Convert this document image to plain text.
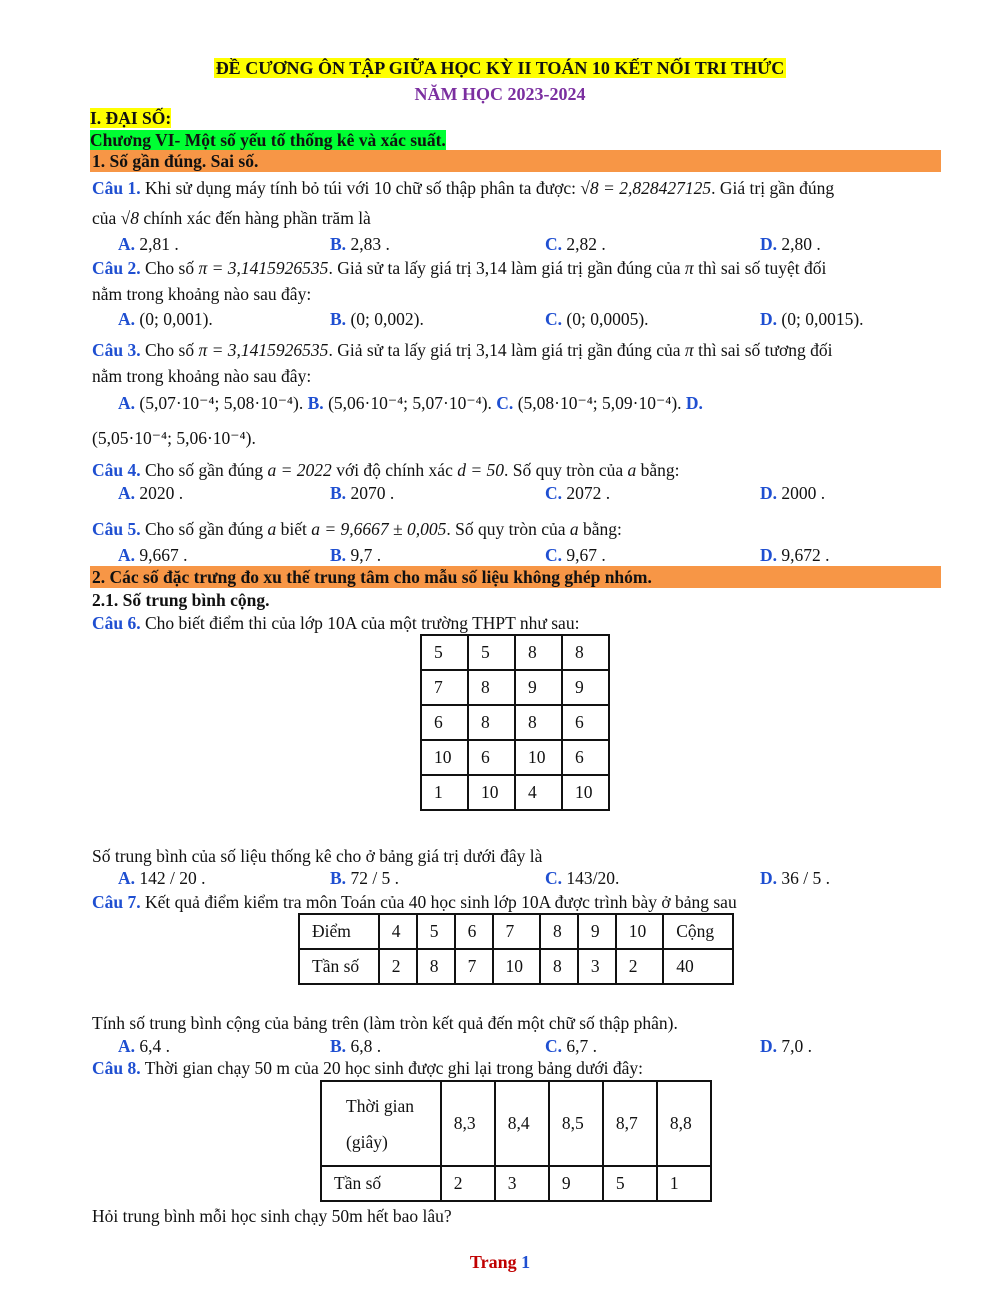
ĐỀ CƯƠNG ÔN TẬP GIỮA HỌC KỲ II TOÁN 10 KẾT NỐI TRI THỨC
NĂM HỌC 2023-2024
I. ĐẠI SỐ:
Chương VI- Một số yếu tố thống kê và xác suất.
1. Số gần đúng. Sai số.
Câu 1. Khi sử dụng máy tính bỏ túi với 10 chữ số thập phân ta được: √8 = 2,828427125. Giá trị gần đúng
của √8 chính xác đến hàng phần trăm là
A. 2,81 .	B. 2,83 .	C. 2,82 .	D. 2,80 .
Câu 2. Cho số π = 3,1415926535. Giả sử ta lấy giá trị 3,14 làm giá trị gần đúng của π thì sai số tuyệt đối
nằm trong khoảng nào sau đây:
A. (0; 0,001).	B. (0; 0,002).	C. (0; 0,0005).	D. (0; 0,0015).
Câu 3. Cho số π = 3,1415926535. Giả sử ta lấy giá trị 3,14 làm giá trị gần đúng của π thì sai số tương đối
nằm trong khoảng nào sau đây:
A. (5,07·10⁻⁴; 5,08·10⁻⁴). B. (5,06·10⁻⁴; 5,07·10⁻⁴). C. (5,08·10⁻⁴; 5,09·10⁻⁴). D.
(5,05·10⁻⁴; 5,06·10⁻⁴).
Câu 4. Cho số gần đúng a = 2022 với độ chính xác d = 50. Số quy tròn của a bằng:
A. 2020 .	B. 2070 .	C. 2072 .	D. 2000 .
Câu 5. Cho số gần đúng a biết a = 9,6667 ± 0,005. Số quy tròn của a bằng:
A. 9,667 .	B. 9,7 .	C. 9,67 .	D. 9,672 .
2. Các số đặc trưng đo xu thế trung tâm cho mẫu số liệu không ghép nhóm.
2.1. Số trung bình cộng.
Câu 6. Cho biết điểm thi của lớp 10A của một trường THPT như sau:
5	5	8	8
7	8	9	9
6	8	8	6
10	6	10	6
1	10	4	10
Số trung bình của số liệu thống kê cho ở bảng giá trị dưới đây là
A. 142 / 20 .	B. 72 / 5 .	C. 143/20.	D. 36 / 5 .
Câu 7. Kết quả điểm kiểm tra môn Toán của 40 học sinh lớp 10A được trình bày ở bảng sau
Điểm	4	5	6	7	8	9	10	Cộng
Tần số	2	8	7	10	8	3	2	40
Tính số trung bình cộng của bảng trên (làm tròn kết quả đến một chữ số thập phân).
A. 6,4 .	B. 6,8 .	C. 6,7 .	D. 7,0 .
Câu 8. Thời gian chạy 50 m của 20 học sinh được ghi lại trong bảng dưới đây:
Thời gian
(giây)	8,3	8,4	8,5	8,7	8,8
Tần số	2	3	9	5	1
Hỏi trung bình mỗi học sinh chạy 50m hết bao lâu?
Trang 1
